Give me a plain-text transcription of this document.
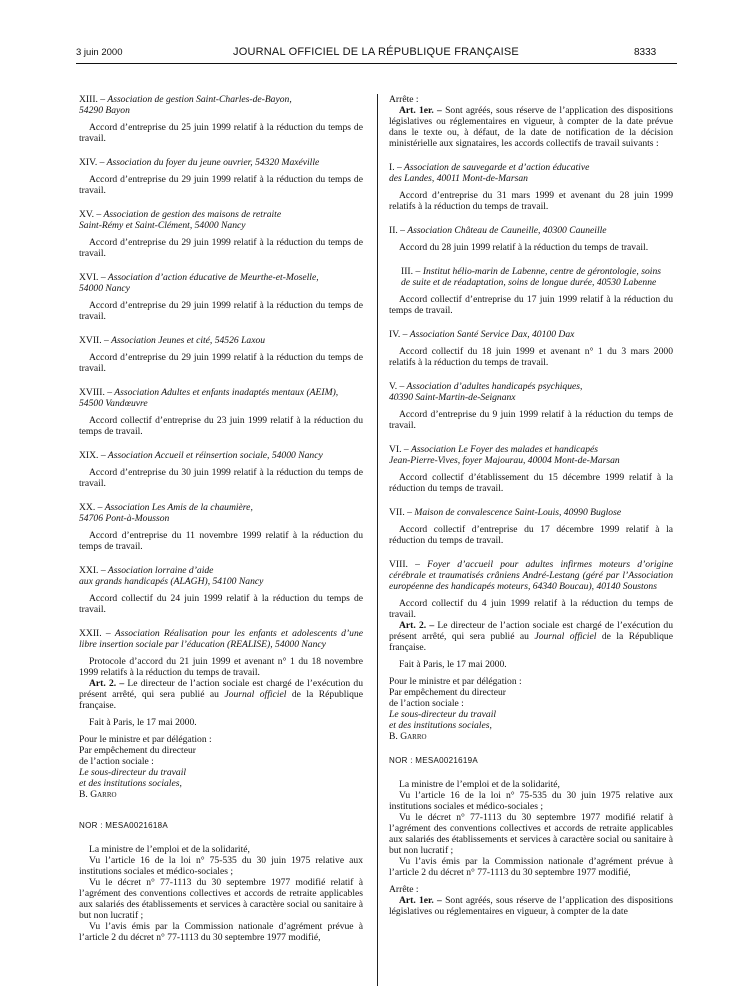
3 juin 2000	JOURNAL OFFICIEL DE LA RÉPUBLIQUE FRANÇAISE	8333

XIII. – Association de gestion Saint-Charles-de-Bayon,
54290 Bayon

Accord d’entreprise du 25 juin 1999 relatif à la réduction du temps de travail.

XIV. – Association du foyer du jeune ouvrier, 54320 Maxéville

Accord d’entreprise du 29 juin 1999 relatif à la réduction du temps de travail.

XV. – Association de gestion des maisons de retraite
Saint-Rémy et Saint-Clément, 54000 Nancy

Accord d’entreprise du 29 juin 1999 relatif à la réduction du temps de travail.

XVI. – Association d’action éducative de Meurthe-et-Moselle,
54000 Nancy

Accord d’entreprise du 29 juin 1999 relatif à la réduction du temps de travail.

XVII. – Association Jeunes et cité, 54526 Laxou

Accord d’entreprise du 29 juin 1999 relatif à la réduction du temps de travail.

XVIII. – Association Adultes et enfants inadaptés mentaux (AEIM),
54500 Vandœuvre

Accord collectif d’entreprise du 23 juin 1999 relatif à la réduction du temps de travail.

XIX. – Association Accueil et réinsertion sociale, 54000 Nancy

Accord d’entreprise du 30 juin 1999 relatif à la réduction du temps de travail.

XX. – Association Les Amis de la chaumière,
54706 Pont-à-Mousson

Accord d’entreprise du 11 novembre 1999 relatif à la réduction du temps de travail.

XXI. – Association lorraine d’aide
aux grands handicapés (ALAGH), 54100 Nancy

Accord collectif du 24 juin 1999 relatif à la réduction du temps de travail.

XXII. – Association Réalisation pour les enfants et adolescents d’une libre insertion sociale par l’éducation (REALISE), 54000 Nancy

Protocole d’accord du 21 juin 1999 et avenant n° 1 du 18 novembre 1999 relatifs à la réduction du temps de travail.

Art. 2. – Le directeur de l’action sociale est chargé de l’exécution du présent arrêté, qui sera publié au Journal officiel de la République française.

Fait à Paris, le 17 mai 2000.

Pour le ministre et par délégation :
Par empêchement du directeur
de l’action sociale :
Le sous-directeur du travail
et des institutions sociales,
B. Garro

NOR : MESA0021618A

La ministre de l’emploi et de la solidarité,

Vu l’article 16 de la loi n° 75-535 du 30 juin 1975 relative aux institutions sociales et médico-sociales ;

Vu le décret n° 77-1113 du 30 septembre 1977 modifié relatif à l’agrément des conventions collectives et accords de retraite applicables aux salariés des établissements et services à caractère social ou sanitaire à but non lucratif ;

Vu l’avis émis par la Commission nationale d’agrément prévue à l’article 2 du décret n° 77-1113 du 30 septembre 1977 modifié,

Arrête :

Art. 1er. – Sont agréés, sous réserve de l’application des dispositions législatives ou réglementaires en vigueur, à compter de la date prévue dans le texte ou, à défaut, de la date de notification de la décision ministérielle aux signataires, les accords collectifs de travail suivants :

I. – Association de sauvegarde et d’action éducative
des Landes, 40011 Mont-de-Marsan

Accord d’entreprise du 31 mars 1999 et avenant du 28 juin 1999 relatifs à la réduction du temps de travail.

II. – Association Château de Cauneille, 40300 Cauneille

Accord du 28 juin 1999 relatif à la réduction du temps de travail.

III. – Institut hélio-marin de Labenne, centre de gérontologie, soins de suite et de réadaptation, soins de longue durée, 40530 Labenne

Accord collectif d’entreprise du 17 juin 1999 relatif à la réduction du temps de travail.

IV. – Association Santé Service Dax, 40100 Dax

Accord collectif du 18 juin 1999 et avenant n° 1 du 3 mars 2000 relatifs à la réduction du temps de travail.

V. – Association d’adultes handicapés psychiques,
40390 Saint-Martin-de-Seignanx

Accord d’entreprise du 9 juin 1999 relatif à la réduction du temps de travail.

VI. – Association Le Foyer des malades et handicapés
Jean-Pierre-Vives, foyer Majourau, 40004 Mont-de-Marsan

Accord collectif d’établissement du 15 décembre 1999 relatif à la réduction du temps de travail.

VII. – Maison de convalescence Saint-Louis, 40990 Buglose

Accord collectif d’entreprise du 17 décembre 1999 relatif à la réduction du temps de travail.

VIII. – Foyer d’accueil pour adultes infirmes moteurs d’origine cérébrale et traumatisés crâniens André-Lestang (géré par l’Association européenne des handicapés moteurs, 64340 Boucau), 40140 Soustons

Accord collectif du 4 juin 1999 relatif à la réduction du temps de travail.

Art. 2. – Le directeur de l’action sociale est chargé de l’exécution du présent arrêté, qui sera publié au Journal officiel de la République française.

Fait à Paris, le 17 mai 2000.

Pour le ministre et par délégation :
Par empêchement du directeur
de l’action sociale :
Le sous-directeur du travail
et des institutions sociales,
B. Garro

NOR : MESA0021619A

La ministre de l’emploi et de la solidarité,

Vu l’article 16 de la loi n° 75-535 du 30 juin 1975 relative aux institutions sociales et médico-sociales ;

Vu le décret n° 77-1113 du 30 septembre 1977 modifié relatif à l’agrément des conventions collectives et accords de retraite applicables aux salariés des établissements et services à caractère social ou sanitaire à but non lucratif ;

Vu l’avis émis par la Commission nationale d’agrément prévue à l’article 2 du décret n° 77-1113 du 30 septembre 1977 modifié,

Arrête :

Art. 1er. – Sont agréés, sous réserve de l’application des dispositions législatives ou réglementaires en vigueur, à compter de la date
